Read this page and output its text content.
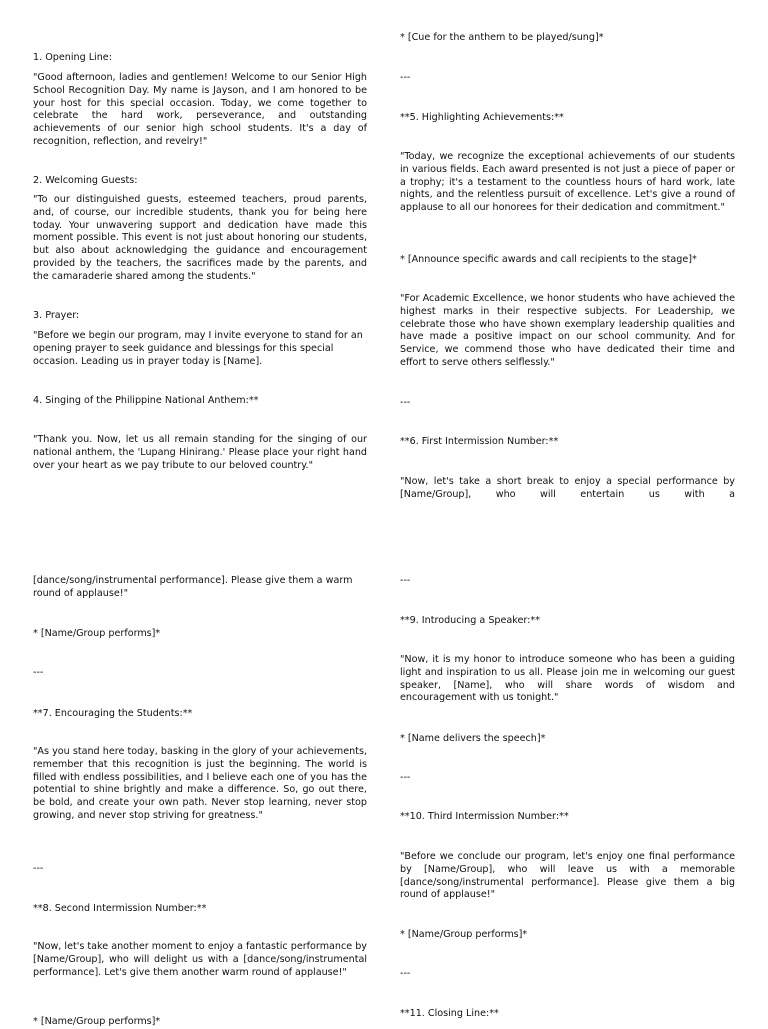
1. Opening Line:

"Good afternoon, ladies and gentlemen! Welcome to our Senior High School Recognition Day. My name is Jayson, and I am honored to be your host for this special occasion. Today, we come together to celebrate the hard work, perseverance, and outstanding achievements of our senior high school students. It's a day of recognition, reflection, and revelry!"

2. Welcoming Guests:

"To our distinguished guests, esteemed teachers, proud parents, and, of course, our incredible students, thank you for being here today. Your unwavering support and dedication have made this moment possible. This event is not just about honoring our students, but also about acknowledging the guidance and encouragement provided by the teachers, the sacrifices made by the parents, and the camaraderie shared among the students."

3. Prayer:

"Before we begin our program, may I invite everyone to stand for an opening prayer to seek guidance and blessings for this special occasion. Leading us in prayer today is [Name].

4. Singing of the Philippine National Anthem:**

"Thank you. Now, let us all remain standing for the singing of our national anthem, the 'Lupang Hinirang.' Please place your right hand over your heart as we pay tribute to our beloved country."

[dance/song/instrumental performance]. Please give them a warm round of applause!"

* [Name/Group performs]*

---

**7. Encouraging the Students:**

"As you stand here today, basking in the glory of your achievements, remember that this recognition is just the beginning. The world is filled with endless possibilities, and I believe each one of you has the potential to shine brightly and make a difference. So, go out there, be bold, and create your own path. Never stop learning, never stop growing, and never stop striving for greatness."

---

**8. Second Intermission Number:**

"Now, let's take another moment to enjoy a fantastic performance by [Name/Group], who will delight us with a [dance/song/instrumental performance]. Let's give them another warm round of applause!"

* [Name/Group performs]*

* [Cue for the anthem to be played/sung]*

---

**5. Highlighting Achievements:**

"Today, we recognize the exceptional achievements of our students in various fields. Each award presented is not just a piece of paper or a trophy; it's a testament to the countless hours of hard work, late nights, and the relentless pursuit of excellence. Let's give a round of applause to all our honorees for their dedication and commitment."

* [Announce specific awards and call recipients to the stage]*

"For Academic Excellence, we honor students who have achieved the highest marks in their respective subjects. For Leadership, we celebrate those who have shown exemplary leadership qualities and have made a positive impact on our school community. And for Service, we commend those who have dedicated their time and effort to serve others selflessly."

---

**6. First Intermission Number:**

"Now, let's take a short break to enjoy a special performance by [Name/Group], who will entertain us with a

---

**9. Introducing a Speaker:**

"Now, it is my honor to introduce someone who has been a guiding light and inspiration to us all. Please join me in welcoming our guest speaker, [Name], who will share words of wisdom and encouragement with us tonight."

* [Name delivers the speech]*

---

**10. Third Intermission Number:**

"Before we conclude our program, let's enjoy one final performance by [Name/Group], who will leave us with a memorable [dance/song/instrumental performance]. Please give them a big round of applause!"

* [Name/Group performs]*

---

**11. Closing Line:**
